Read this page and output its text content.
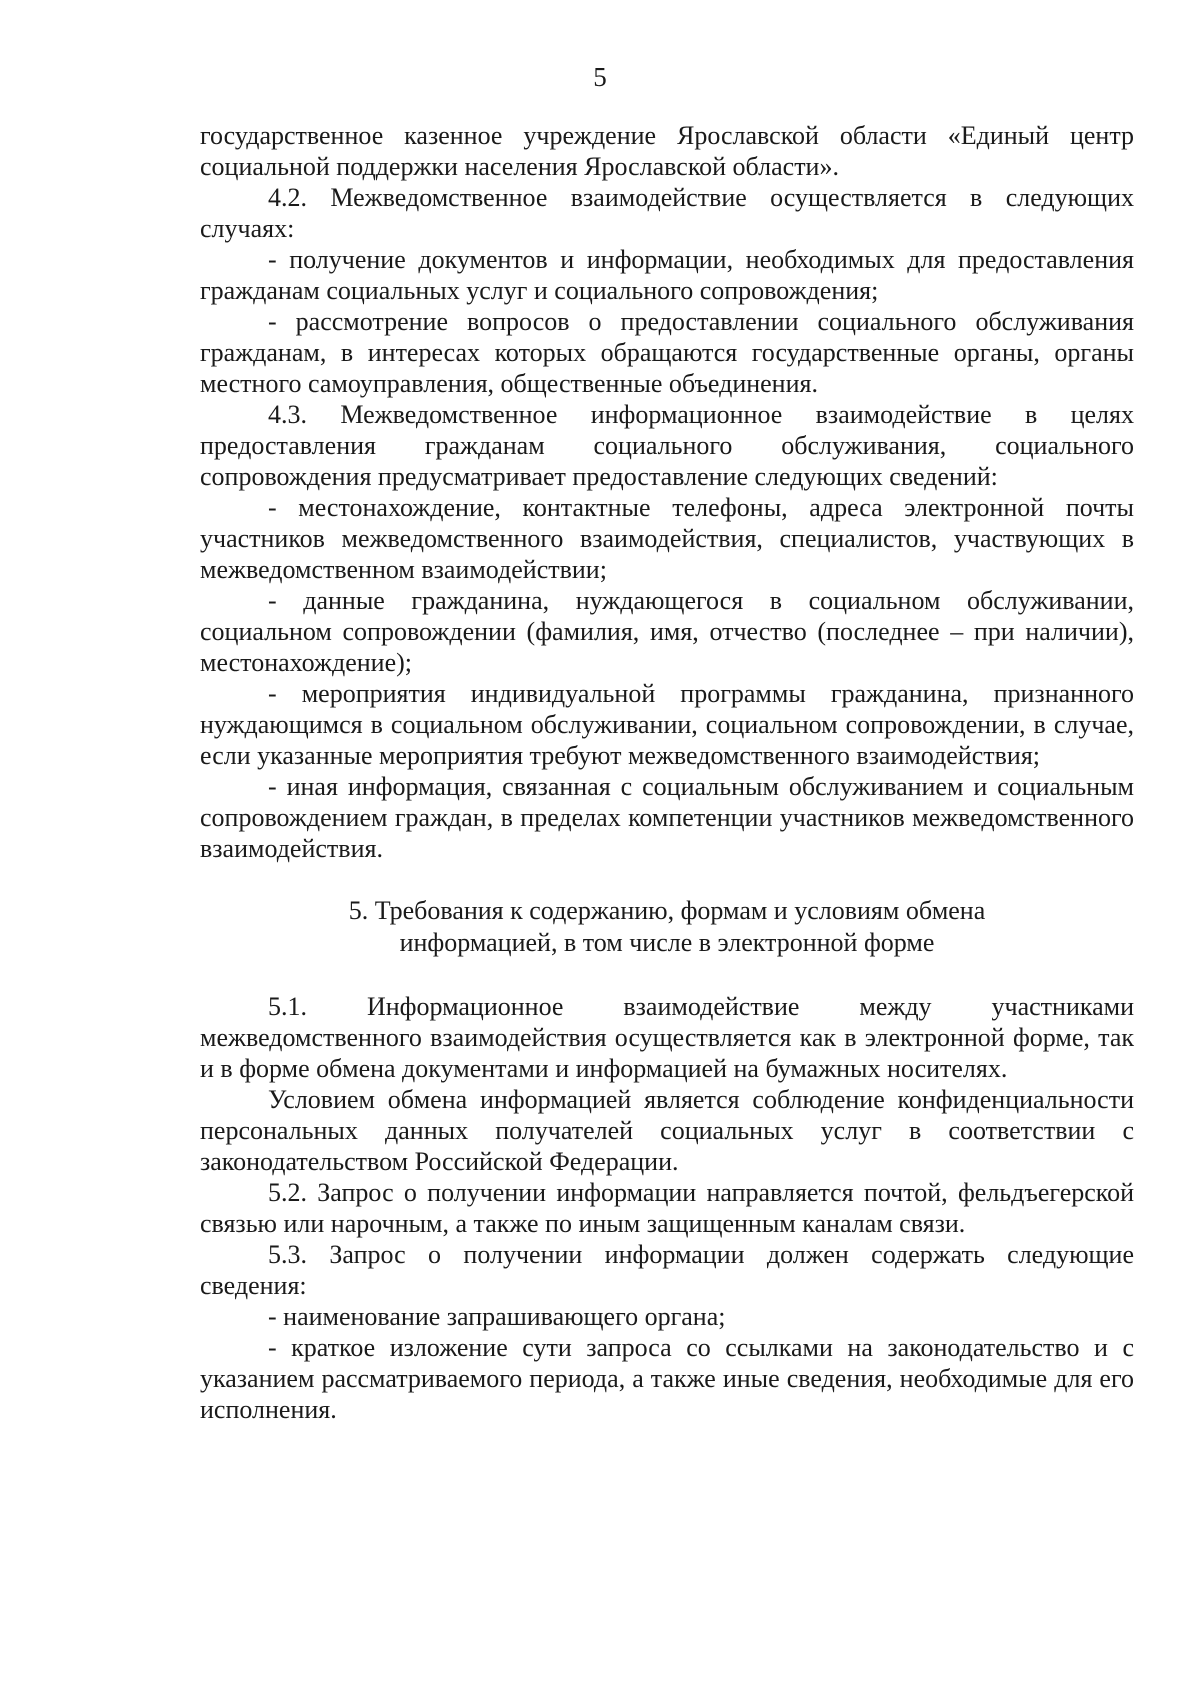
5

государственное казенное учреждение Ярославской области «Единый центр социальной поддержки населения Ярославской области».

4.2. Межведомственное взаимодействие осуществляется в следующих случаях:

- получение документов и информации, необходимых для предоставления гражданам социальных услуг и социального сопровождения;

- рассмотрение вопросов о предоставлении социального обслуживания гражданам, в интересах которых обращаются государственные органы, органы местного самоуправления, общественные объединения.

4.3. Межведомственное информационное взаимодействие в целях предоставления гражданам социального обслуживания, социального сопровождения предусматривает предоставление следующих сведений:

- местонахождение, контактные телефоны, адреса электронной почты участников межведомственного взаимодействия, специалистов, участвующих в межведомственном взаимодействии;

- данные гражданина, нуждающегося в социальном обслуживании, социальном сопровождении (фамилия, имя, отчество (последнее – при наличии), местонахождение);

- мероприятия индивидуальной программы гражданина, признанного нуждающимся в социальном обслуживании, социальном сопровождении, в случае, если указанные мероприятия требуют межведомственного взаимодействия;

- иная информация, связанная с социальным обслуживанием и социальным сопровождением граждан, в пределах компетенции участников межведомственного взаимодействия.

5. Требования к содержанию, формам и условиям обмена
информацией, в том числе в электронной форме

5.1. Информационное взаимодействие между участниками межведомственного взаимодействия осуществляется как в электронной форме, так и в форме обмена документами и информацией на бумажных носителях.

Условием обмена информацией является соблюдение конфиденциальности персональных данных получателей социальных услуг в соответствии с законодательством Российской Федерации.

5.2. Запрос о получении информации направляется почтой, фельдъегерской связью или нарочным, а также по иным защищенным каналам связи.

5.3. Запрос о получении информации должен содержать следующие сведения:

- наименование запрашивающего органа;

- краткое изложение сути запроса со ссылками на законодательство и с указанием рассматриваемого периода, а также иные сведения, необходимые для его исполнения.
